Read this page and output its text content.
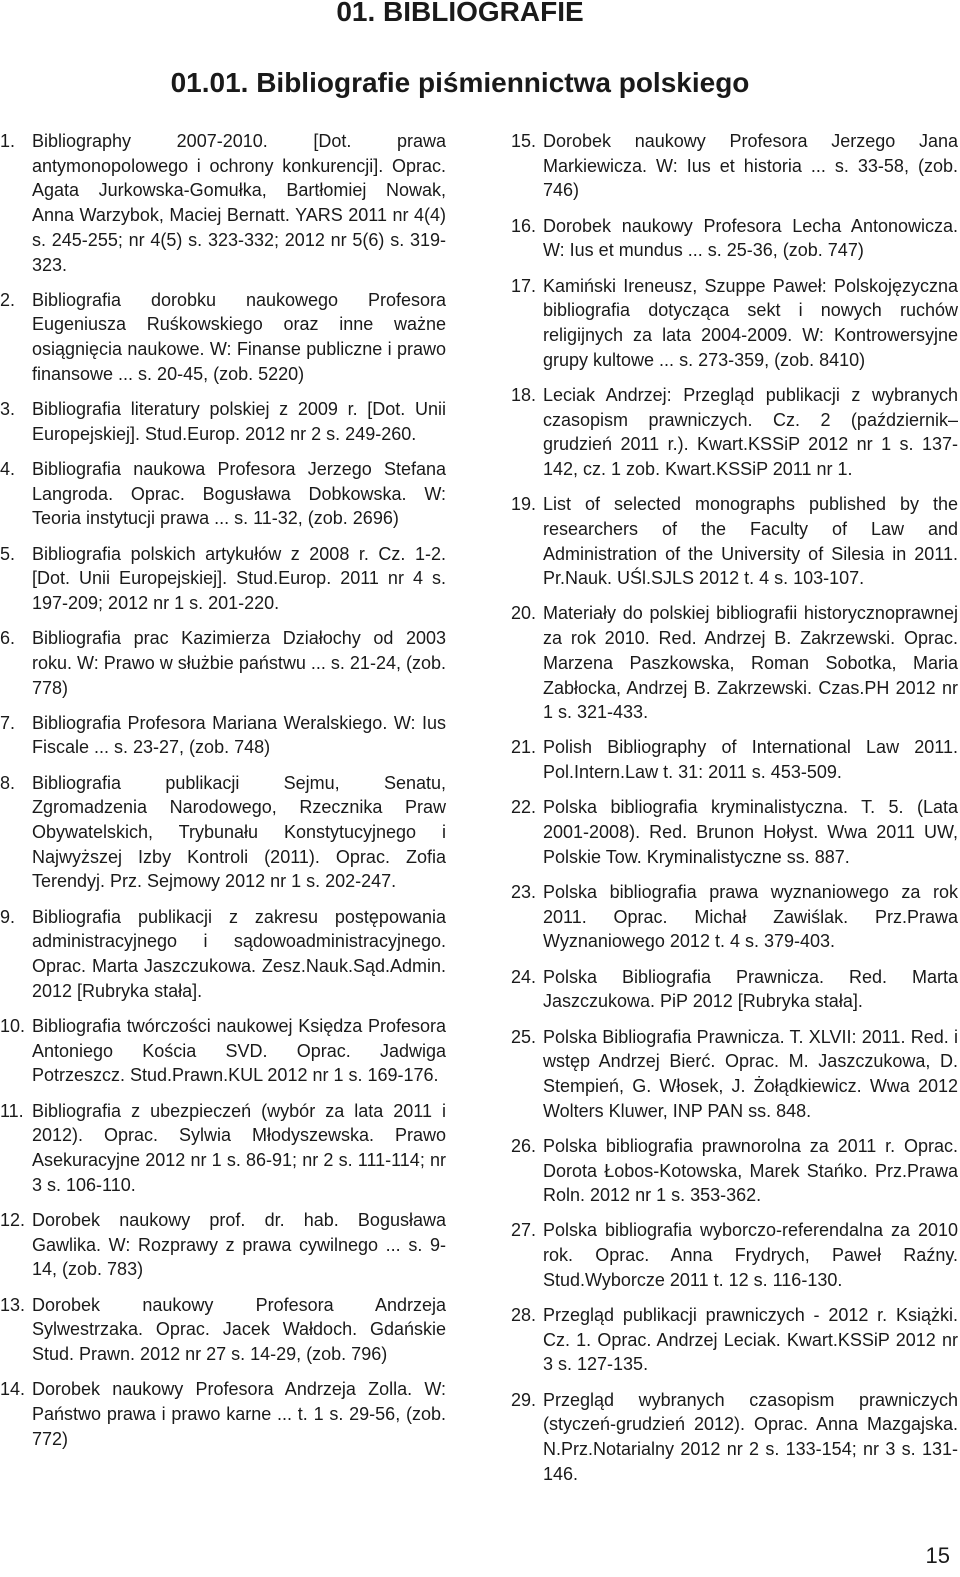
01. BIBLIOGRAFIE
01.01. Bibliografie piśmiennictwa polskiego
1. Bibliography 2007-2010. [Dot. prawa antymonopolowego i ochrony konkurencji]. Oprac. Agata Jurkowska-Gomułka, Bartłomiej Nowak, Anna Warzybok, Maciej Bernatt. YARS 2011 nr 4(4) s. 245-255; nr 4(5) s. 323-332; 2012 nr 5(6) s. 319-323.
2. Bibliografia dorobku naukowego Profesora Eugeniusza Ruśkowskiego oraz inne ważne osiągnięcia naukowe. W: Finanse publiczne i prawo finansowe ... s. 20-45, (zob. 5220)
3. Bibliografia literatury polskiej z 2009 r. [Dot. Unii Europejskiej]. Stud.Europ. 2012 nr 2 s. 249-260.
4. Bibliografia naukowa Profesora Jerzego Stefana Langroda. Oprac. Bogusława Dobkowska. W: Teoria instytucji prawa ... s. 11-32, (zob. 2696)
5. Bibliografia polskich artykułów z 2008 r. Cz. 1-2. [Dot. Unii Europejskiej]. Stud.Europ. 2011 nr 4 s. 197-209; 2012 nr 1 s. 201-220.
6. Bibliografia prac Kazimierza Działochy od 2003 roku. W: Prawo w służbie państwu ... s. 21-24, (zob. 778)
7. Bibliografia Profesora Mariana Weralskiego. W: Ius Fiscale ... s. 23-27, (zob. 748)
8. Bibliografia publikacji Sejmu, Senatu, Zgromadzenia Narodowego, Rzecznika Praw Obywatelskich, Trybunału Konstytucyjnego i Najwyższej Izby Kontroli (2011). Oprac. Zofia Terendyj. Prz. Sejmowy 2012 nr 1 s. 202-247.
9. Bibliografia publikacji z zakresu postępowania administracyjnego i sądowoadministracyjnego. Oprac. Marta Jaszczukowa. Zesz.Nauk.Sąd.Admin. 2012 [Rubryka stała].
10. Bibliografia twórczości naukowej Księdza Profesora Antoniego Kościa SVD. Oprac. Jadwiga Potrzeszcz. Stud.Prawn.KUL 2012 nr 1 s. 169-176.
11. Bibliografia z ubezpieczeń (wybór za lata 2011 i 2012). Oprac. Sylwia Młodyszewska. Prawo Asekuracyjne 2012 nr 1 s. 86-91; nr 2 s. 111-114; nr 3 s. 106-110.
12. Dorobek naukowy prof. dr. hab. Bogusława Gawlika. W: Rozprawy z prawa cywilnego ... s. 9-14, (zob. 783)
13. Dorobek naukowy Profesora Andrzeja Sylwestrzaka. Oprac. Jacek Wałdoch. Gdańskie Stud. Prawn. 2012 nr 27 s. 14-29, (zob. 796)
14. Dorobek naukowy Profesora Andrzeja Zolla. W: Państwo prawa i prawo karne ... t. 1 s. 29-56, (zob. 772)
15. Dorobek naukowy Profesora Jerzego Jana Markiewicza. W: Ius et historia ... s. 33-58, (zob. 746)
16. Dorobek naukowy Profesora Lecha Antonowicza. W: Ius et mundus ... s. 25-36, (zob. 747)
17. Kamiński Ireneusz, Szuppe Paweł: Polskojęzyczna bibliografia dotycząca sekt i nowych ruchów religijnych za lata 2004-2009. W: Kontrowersyjne grupy kultowe ... s. 273-359, (zob. 8410)
18. Leciak Andrzej: Przegląd publikacji z wybranych czasopism prawniczych. Cz. 2 (październik–grudzień 2011 r.). Kwart.KSSiP 2012 nr 1 s. 137-142, cz. 1 zob. Kwart.KSSiP 2011 nr 1.
19. List of selected monographs published by the researchers of the Faculty of Law and Administration of the University of Silesia in 2011. Pr.Nauk. UŚl.SJLS 2012 t. 4 s. 103-107.
20. Materiały do polskiej bibliografii historycznoprawnej za rok 2010. Red. Andrzej B. Zakrzewski. Oprac. Marzena Paszkowska, Roman Sobotka, Maria Zabłocka, Andrzej B. Zakrzewski. Czas.PH 2012 nr 1 s. 321-433.
21. Polish Bibliography of International Law 2011. Pol.Intern.Law t. 31: 2011 s. 453-509.
22. Polska bibliografia kryminalistyczna. T. 5. (Lata 2001-2008). Red. Brunon Hołyst. Wwa 2011 UW, Polskie Tow. Kryminalistyczne ss. 887.
23. Polska bibliografia prawa wyznaniowego za rok 2011. Oprac. Michał Zawiślak. Prz.Prawa Wyznaniowego 2012 t. 4 s. 379-403.
24. Polska Bibliografia Prawnicza. Red. Marta Jaszczukowa. PiP 2012 [Rubryka stała].
25. Polska Bibliografia Prawnicza. T. XLVII: 2011. Red. i wstęp Andrzej Bierć. Oprac. M. Jaszczukowa, D. Stempień, G. Włosek, J. Żołądkiewicz. Wwa 2012 Wolters Kluwer, INP PAN ss. 848.
26. Polska bibliografia prawnorolna za 2011 r. Oprac. Dorota Łobos-Kotowska, Marek Stańko. Prz.Prawa Roln. 2012 nr 1 s. 353-362.
27. Polska bibliografia wyborczo-referendalna za 2010 rok. Oprac. Anna Frydrych, Paweł Raźny. Stud.Wyborcze 2011 t. 12 s. 116-130.
28. Przegląd publikacji prawniczych - 2012 r. Książki. Cz. 1. Oprac. Andrzej Leciak. Kwart.KSSiP 2012 nr 3 s. 127-135.
29. Przegląd wybranych czasopism prawniczych (styczeń-grudzień 2012). Oprac. Anna Mazgajska. N.Prz.Notarialny 2012 nr 2 s. 133-154; nr 3 s. 131-146.

15
